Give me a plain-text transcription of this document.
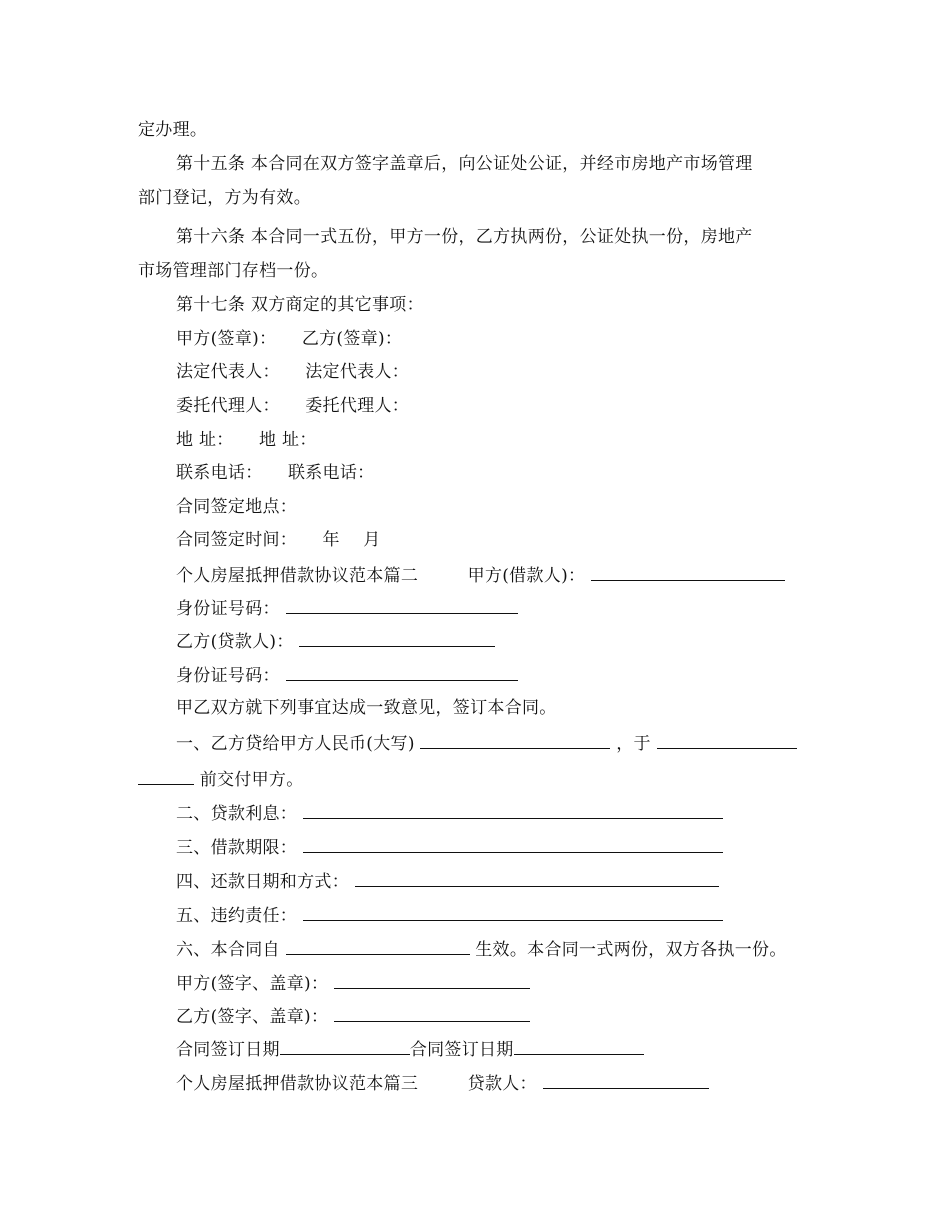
定办理。
第十五条 本合同在双方签字盖章后，向公证处公证，并经市房地产市场管理
部门登记，方为有效。
第十六条 本合同一式五份，甲方一份，乙方执两份，公证处执一份，房地产
市场管理部门存档一份。
第十七条 双方商定的其它事项：
甲方(签章)： 乙方(签章)：
法定代表人： 法定代表人：
委托代理人： 委托代理人：
地 址： 地 址：
联系电话： 联系电话：
合同签定地点：
合同签定时间： 年 月
个人房屋抵押借款协议范本篇二	甲方(借款人)：
身份证号码：
乙方(贷款人)：
身份证号码：
甲乙双方就下列事宜达成一致意见，签订本合同。
一、乙方贷给甲方人民币(大写)	，于
前交付甲方。
二、贷款利息：
三、借款期限：
四、还款日期和方式：
五、违约责任：
六、本合同自	生效。本合同一式两份，双方各执一份。
甲方(签字、盖章)：
乙方(签字、盖章)：
合同签订日期	合同签订日期
个人房屋抵押借款协议范本篇三	贷款人：
